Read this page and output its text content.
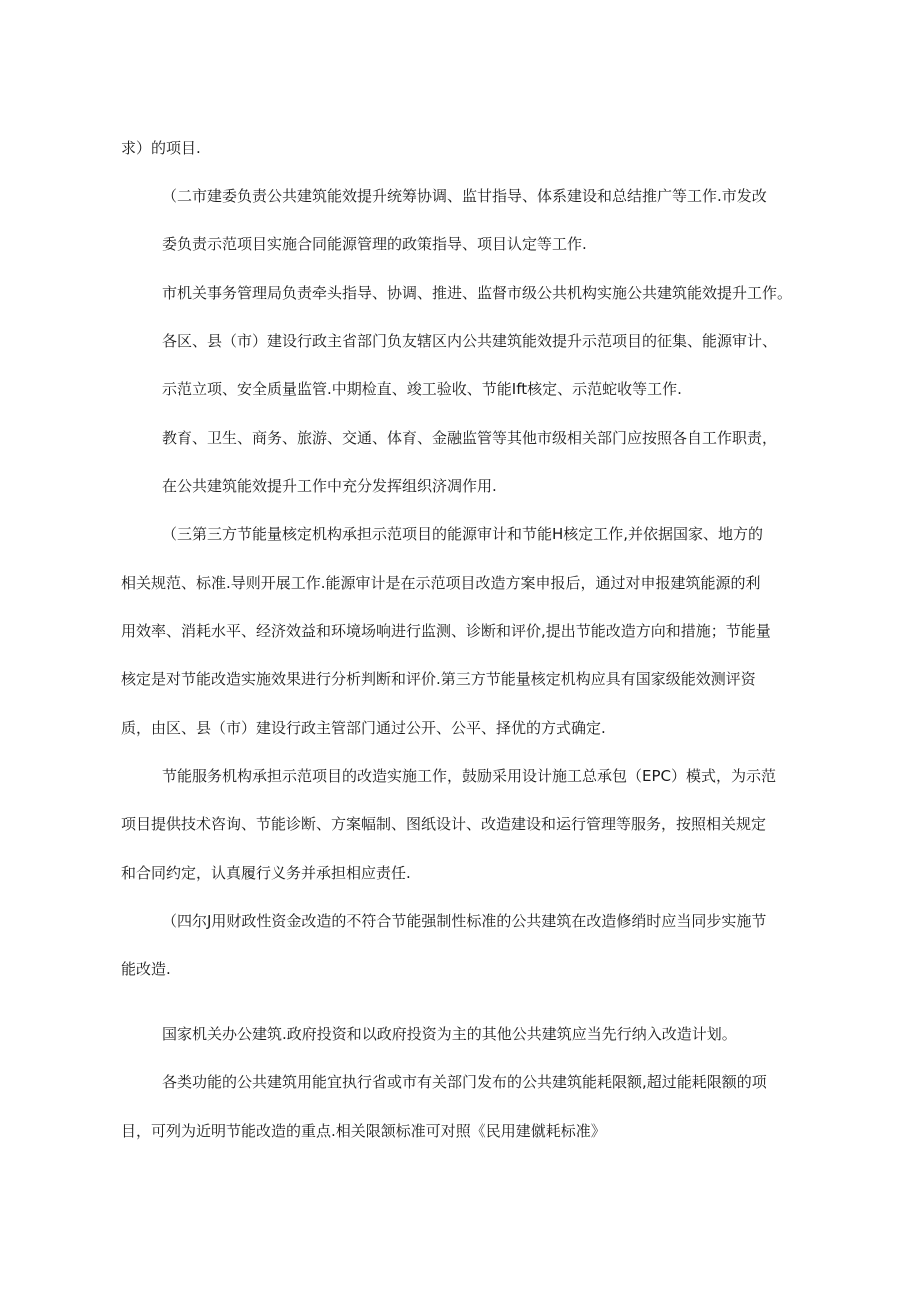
求）的项目.
（二市建委负责公共建筑能效提升统筹协调、监甘指导、体系建设和总结推广等工作.市发改
委负责示范项目实施合同能源管理的政策指导、项目认定等工作.
市机关事务管理局负责牵头指导、协调、推进、监督市级公共机构实施公共建筑能效提升工作。
各区、县（市）建设行政主省部门负友辖区内公共建筑能效提升示范项目的征集、能源审计、
示范立项、安全质量监管.中期检直、竣工验收、节能Ift核定、示范蛇收等工作.
教育、卫生、商务、旅游、交通、体育、金融监管等其他市级相关部门应按照各自工作职责，
在公共建筑能效提升工作中充分发挥组织济凋作用.
（三第三方节能量核定机构承担示范项目的能源审计和节能H核定工作,并依据国家、地方的
相关规范、标准.导则开展工作.能源审计是在示范项目改造方案申报后，通过对申报建筑能源的利
用效率、消耗水平、经济效益和环境场响进行监测、诊断和评价,提出节能改造方向和措施；节能量
核定是对节能改造实施效果进行分析判断和评价.第三方节能量核定机构应具有国家级能效测评资
质，由区、县（市）建设行政主管部门通过公开、公平、择优的方式确定.
节能服务机构承担示范项目的改造实施工作，鼓励采用设计施工总承包（EPC）模式，为示范
项目提供技术咨询、节能诊断、方案幅制、图纸设计、改造建设和运行管理等服务，按照相关规定
和合同约定，认真履行义务并承担相应责任.
（四尔J用财政性资金改造的不符合节能强制性标准的公共建筑在改造修绡时应当同步实施节
能改造.
国家机关办公建筑.政府投资和以政府投资为主的其他公共建筑应当先行纳入改造计划。
各类功能的公共建筑用能宜执行省或市有关部门发布的公共建筑能耗限额,超过能耗限额的项
目，可列为近明节能改造的重点.相关限颔标准可对照《民用建僦耗标准》
